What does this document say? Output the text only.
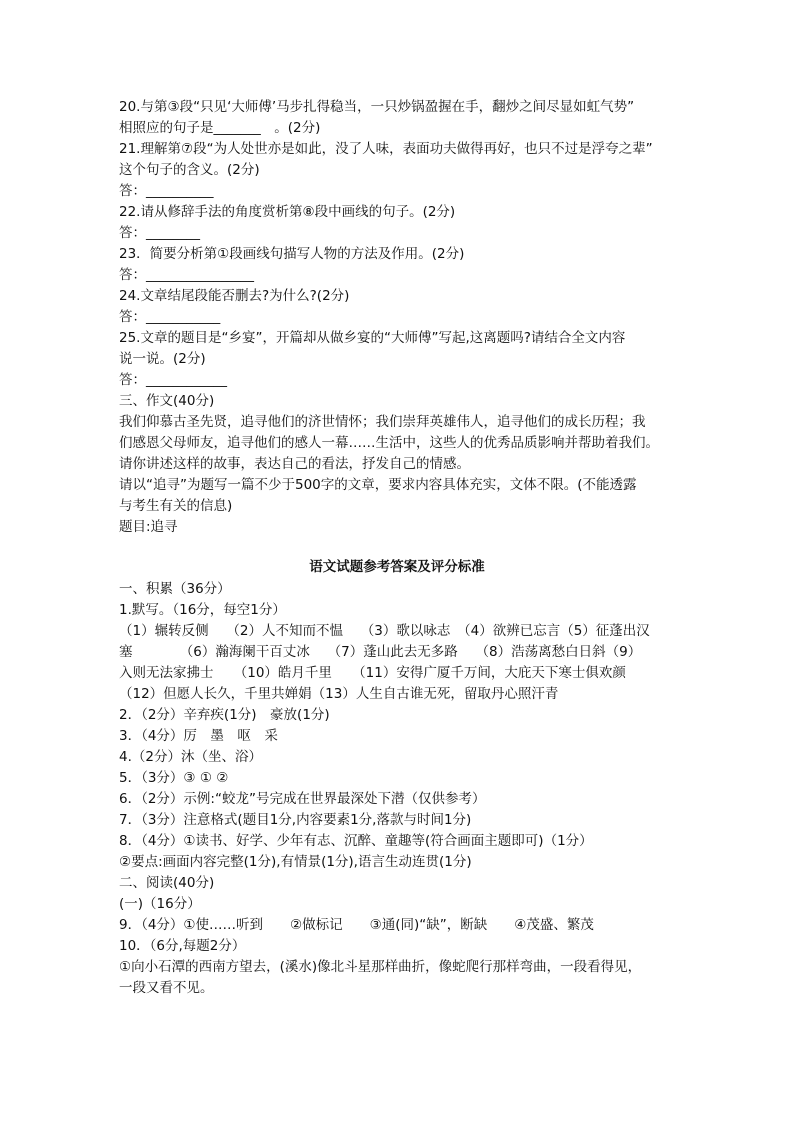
20.与第③段“只见‘大师傅’马步扎得稳当，一只炒锅盈握在手，翻炒之间尽显如虹气势”
相照应的句子是_______　。(2分)
21.理解第⑦段“为人处世亦是如此，没了人味，表面功夫做得再好，也只不过是浮夸之辈”
这个句子的含义。(2分)
答：__________
22.请从修辞手法的角度赏析第⑧段中画线的句子。(2分)
答：________
23．简要分析第①段画线句描写人物的方法及作用。(2分)
答：________________
24.文章结尾段能否删去?为什么?(2分)
答：___________
25.文章的题目是“乡宴”，开篇却从做乡宴的“大师傅”写起,这离题吗?请结合全文内容
说一说。(2分)
答：____________
三、作文(40分)
我们仰慕古圣先贤，追寻他们的济世情怀；我们崇拜英雄伟人，追寻他们的成长历程；我
们感恩父母师友，追寻他们的感人一幕……生活中，这些人的优秀品质影响并帮助着我们。
请你讲述这样的故事，表达自己的看法，抒发自己的情感。
请以“追寻”为题写一篇不少于500字的文章，要求内容具体充实，文体不限。(不能透露
与考生有关的信息)
题目:追寻
语文试题参考答案及评分标准
一、积累（36分）
1.默写。（16分，每空1分）
（1）辗转反侧　 （2）人不知而不愠　 （3）歌以咏志　（4）欲辨已忘言（5）征蓬出汉
塞　　　　（6）瀚海阑干百丈冰　 （7）蓬山此去无多路　 （8）浩荡离愁白日斜（9）
入则无法家拂士　　（10）皓月千里　　（11）安得广厦千万间，大庇天下寒士俱欢颜
（12）但愿人长久，千里共婵娟（13）人生自古谁无死，留取丹心照汗青
2．（2分）辛弃疾(1分)　豪放(1分)
3．（4分）厉　墨　呕　采
4.（2分）沐（坐、浴）
5．（3分）③ ① ②
6．（2分）示例:“蛟龙”号完成在世界最深处下潜（仅供参考）
7．（3分）注意格式(题目1分,内容要素1分,落款与时间1分)
8．（4分）①读书、好学、少年有志、沉醉、童趣等(符合画面主题即可)（1分）
②要点:画面内容完整(1分),有情景(1分),语言生动连贯(1分)
二、阅读(40分)
(一)（16分）
9．（4分）①使……听到　　②做标记　　③通(同)“缺”，断缺　　④茂盛、繁茂
10．（6分,每题2分）
①向小石潭的西南方望去，(溪水)像北斗星那样曲折，像蛇爬行那样弯曲，一段看得见，
一段又看不见。
